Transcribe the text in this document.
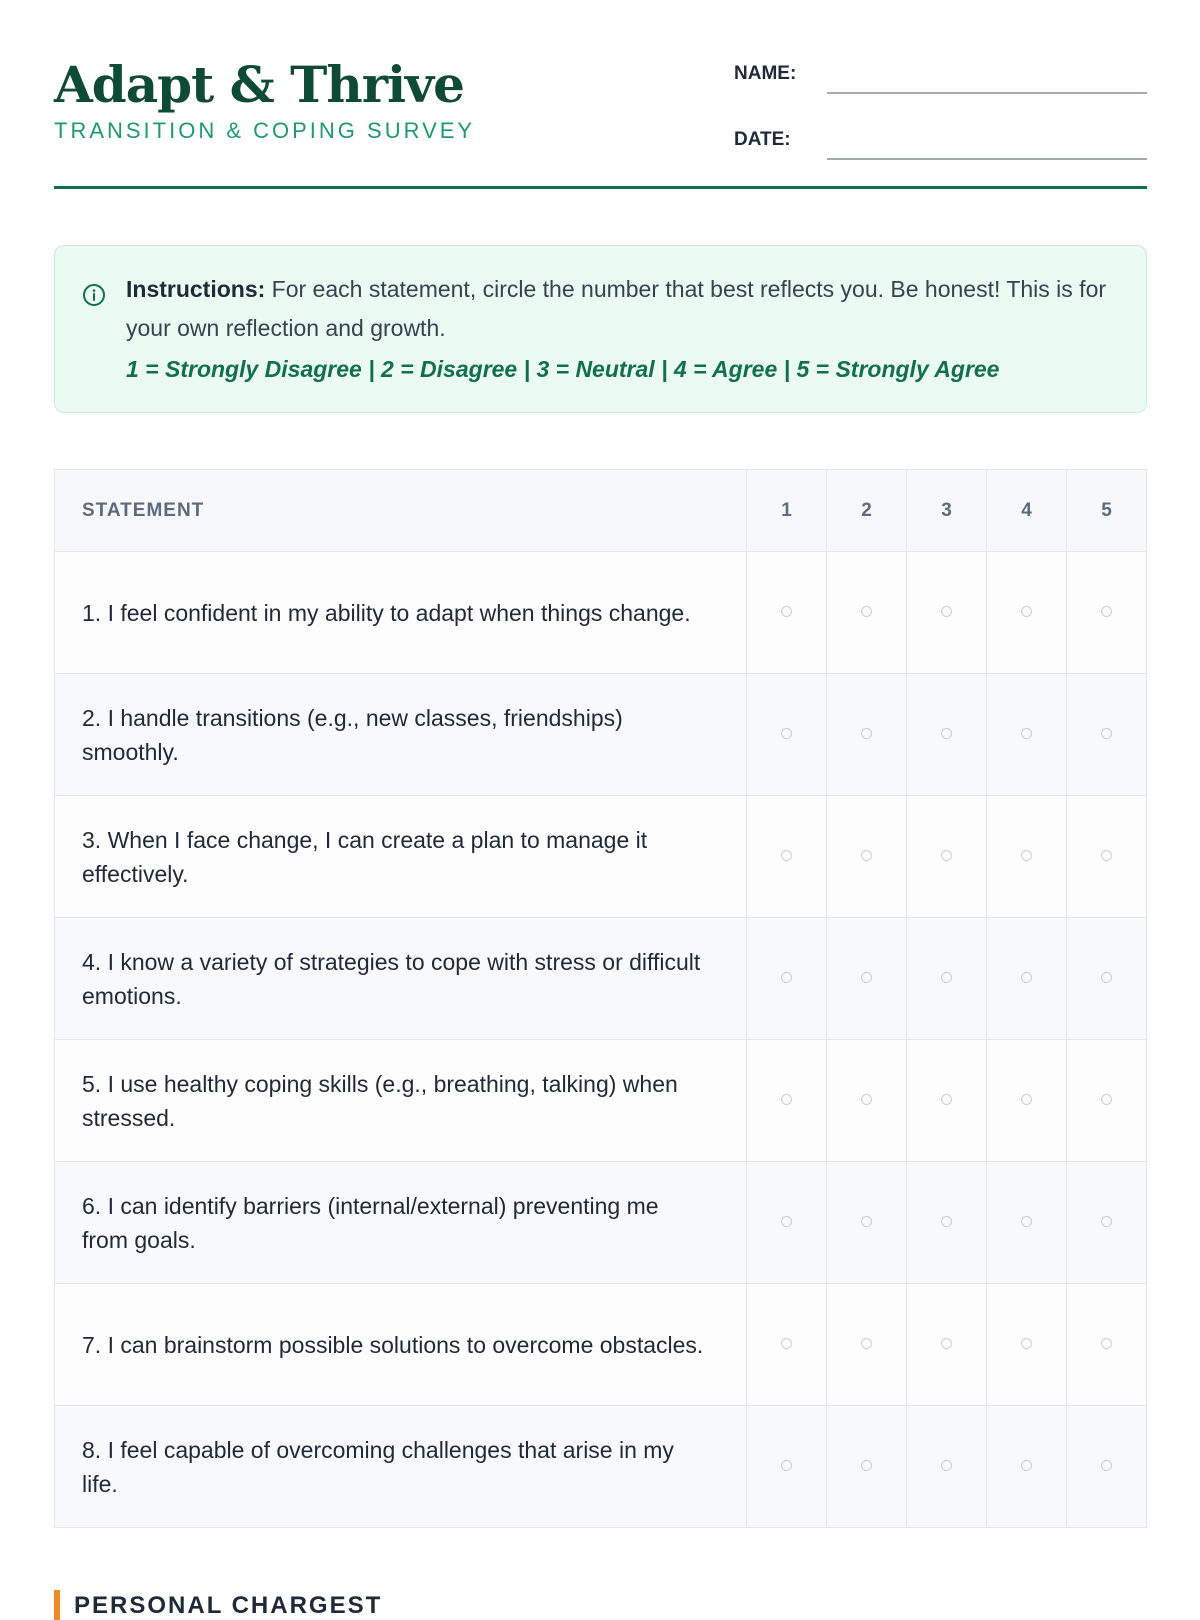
Adapt & Thrive
TRANSITION & COPING SURVEY
NAME:
DATE:
Instructions: For each statement, circle the number that best reflects you. Be honest! This is for your own reflection and growth.
1 = Strongly Disagree | 2 = Disagree | 3 = Neutral | 4 = Agree | 5 = Strongly Agree
STATEMENT	1	2	3	4	5
1. I feel confident in my ability to adapt when things change.					
2. I handle transitions (e.g., new classes, friendships) smoothly.					
3. When I face change, I can create a plan to manage it effectively.					
4. I know a variety of strategies to cope with stress or difficult emotions.					
5. I use healthy coping skills (e.g., breathing, talking) when stressed.					
6. I can identify barriers (internal/external) preventing me from goals.					
7. I can brainstorm possible solutions to overcome obstacles.					
8. I feel capable of overcoming challenges that arise in my life.					
PERSONAL CHARGEST
